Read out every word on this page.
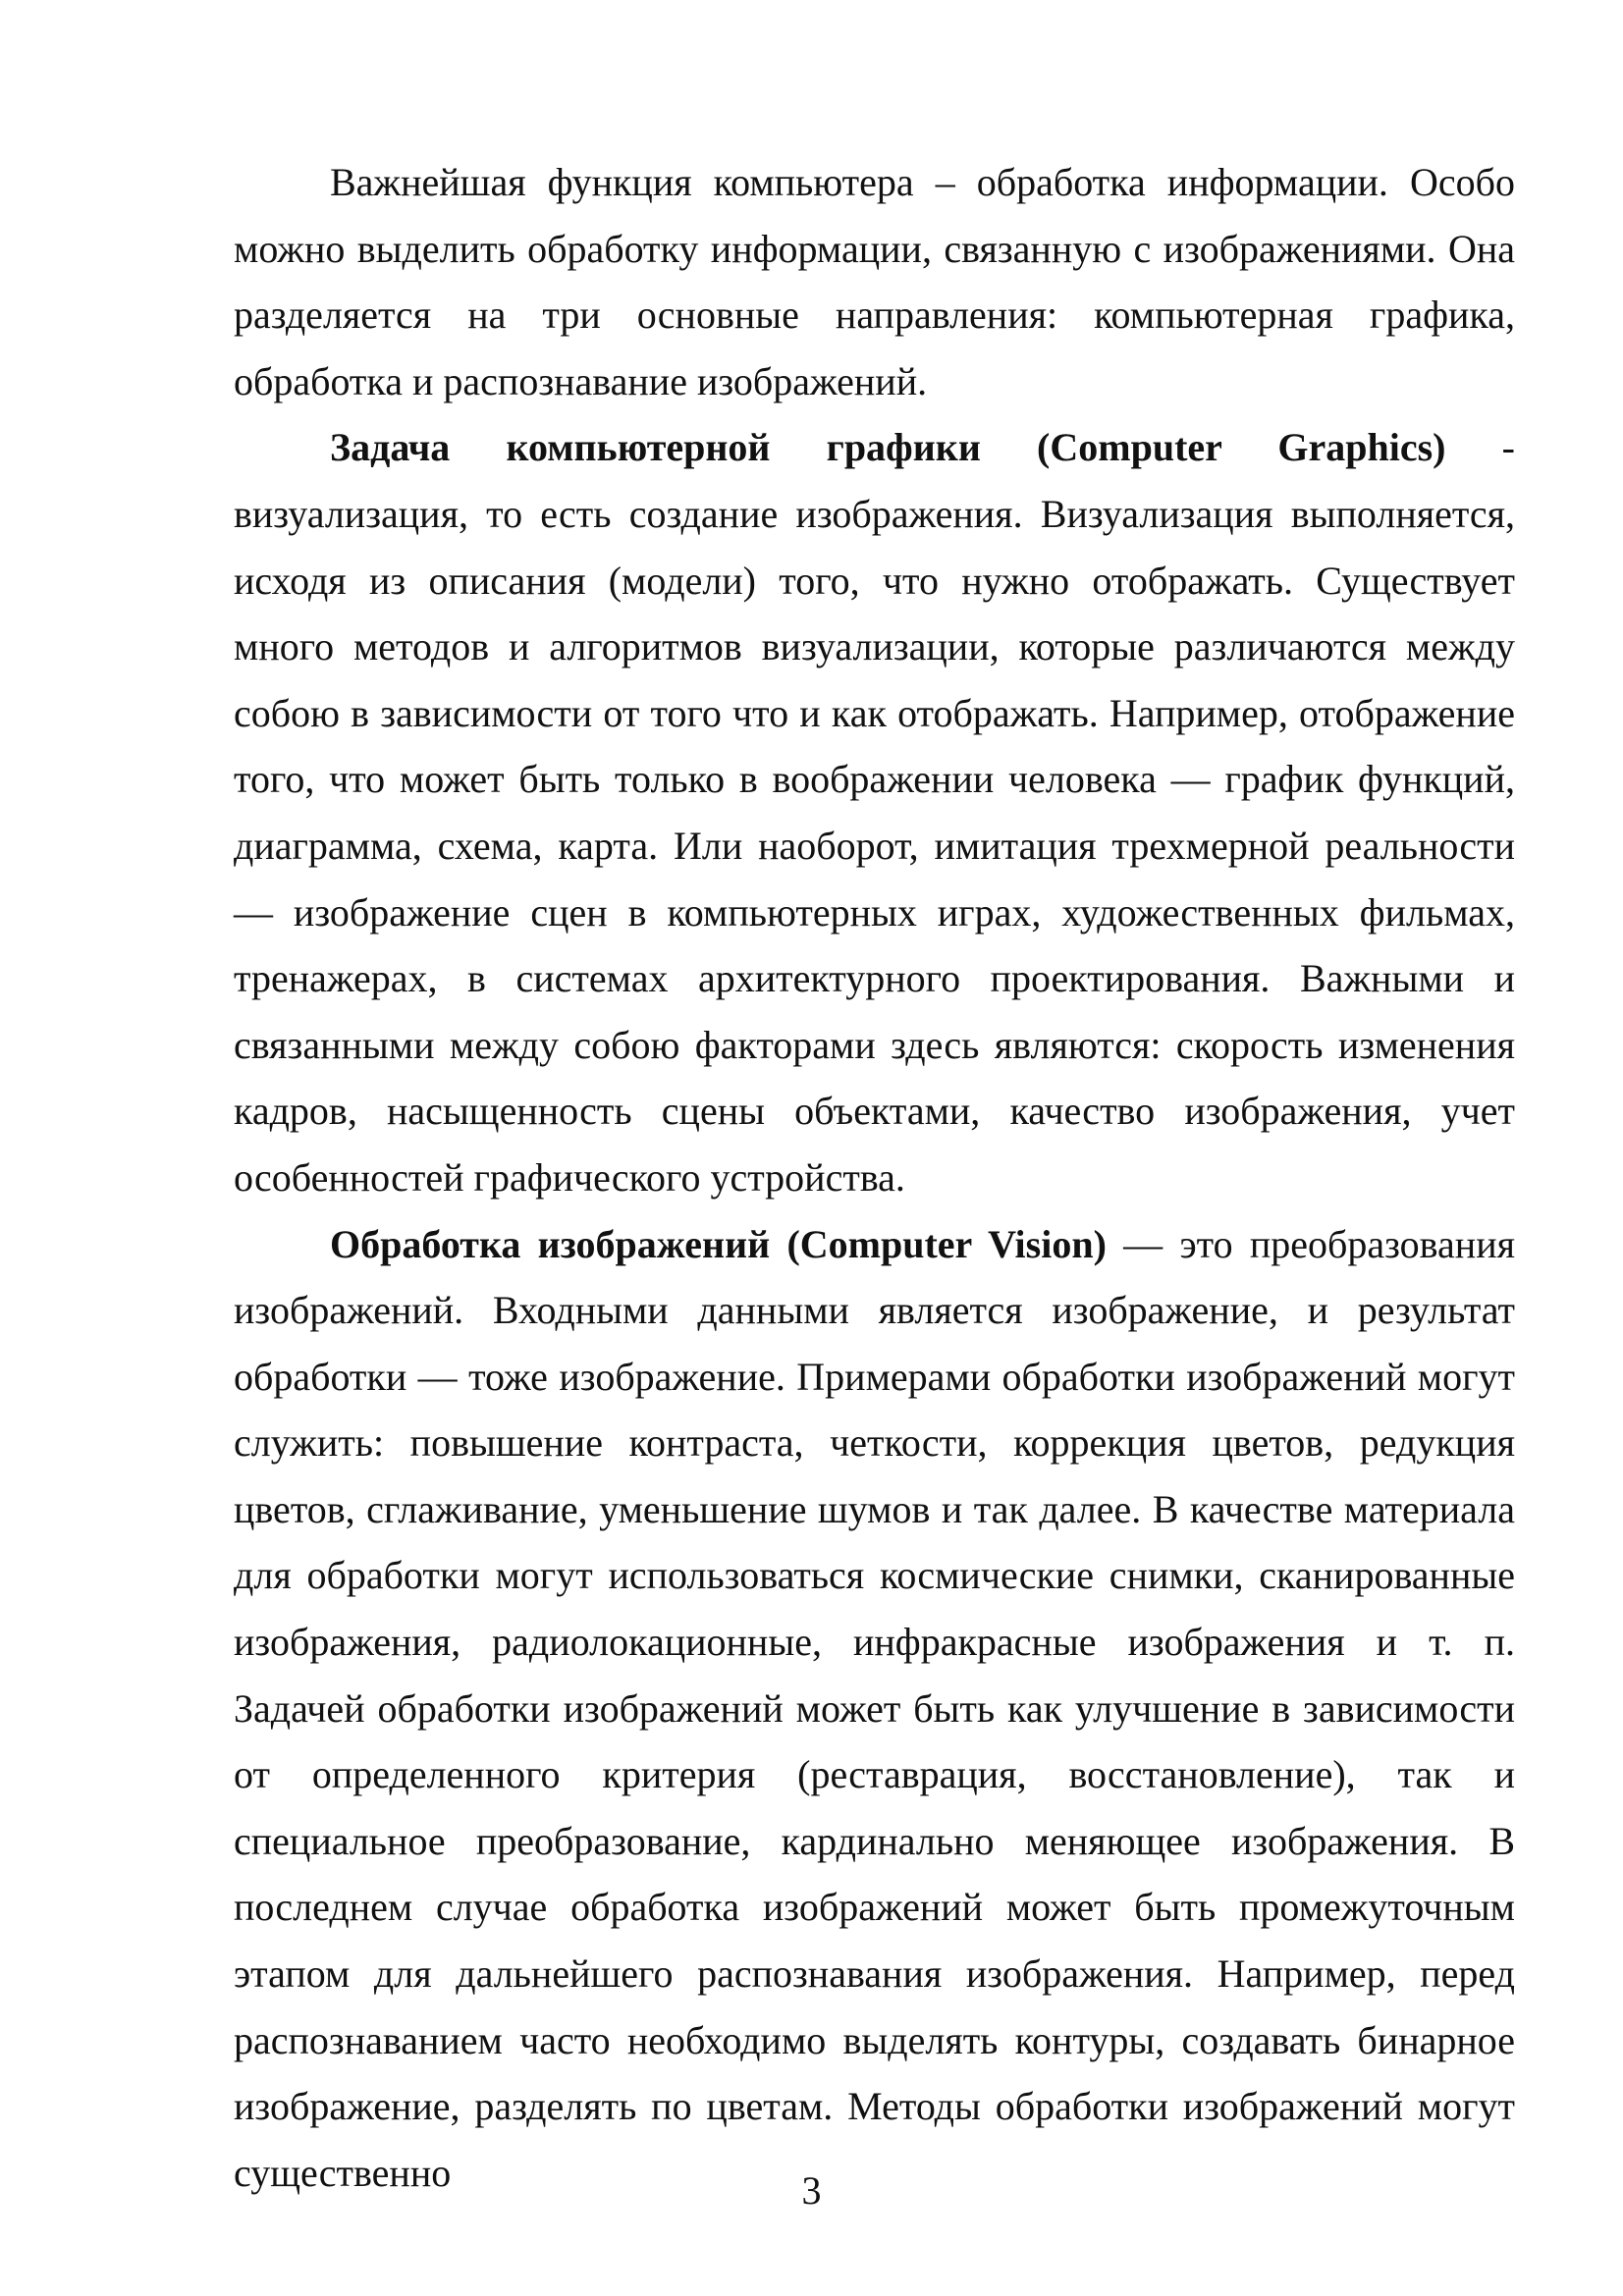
Важнейшая функция компьютера – обработка информации. Особо можно выделить обработку информации, связанную с изображениями. Она разделяется на три основные направления: компьютерная графика, обработка и распознавание изображений.

Задача компьютерной графики (Computer Graphics) - визуализация, то есть создание изображения. Визуализация выполняется, исходя из описания (модели) того, что нужно отображать. Существует много методов и алгоритмов визуализации, которые различаются между собою в зависимости от того что и как отображать. Например, отображение того, что может быть только в воображении человека — график функций, диаграмма, схема, карта. Или наоборот, имитация трехмерной реальности — изображение сцен в компьютерных играх, художественных фильмах, тренажерах, в системах архитектурного проектирования. Важными и связанными между собою факторами здесь являются: скорость изменения кадров, насыщенность сцены объектами, качество изображения, учет особенностей графического устройства.

Обработка изображений (Computer Vision) — это преобразования изображений. Входными данными является изображение, и результат обработки — тоже изображение. Примерами обработки изображений могут служить: повышение контраста, четкости, коррекция цветов, редукция цветов, сглаживание, уменьшение шумов и так далее. В качестве материала для обработки могут использоваться космические снимки, сканированные изображения, радиолокационные, инфракрасные изображения и т. п. Задачей обработки изображений может быть как улучшение в зависимости от определенного критерия (реставрация, восстановление), так и специальное преобразование, кардинально меняющее изображения. В последнем случае обработка изображений может быть промежуточным этапом для дальнейшего распознавания изображения. Например, перед распознаванием часто необходимо выделять контуры, создавать бинарное изображение, разделять по цветам. Методы обработки изображений могут существенно	3
